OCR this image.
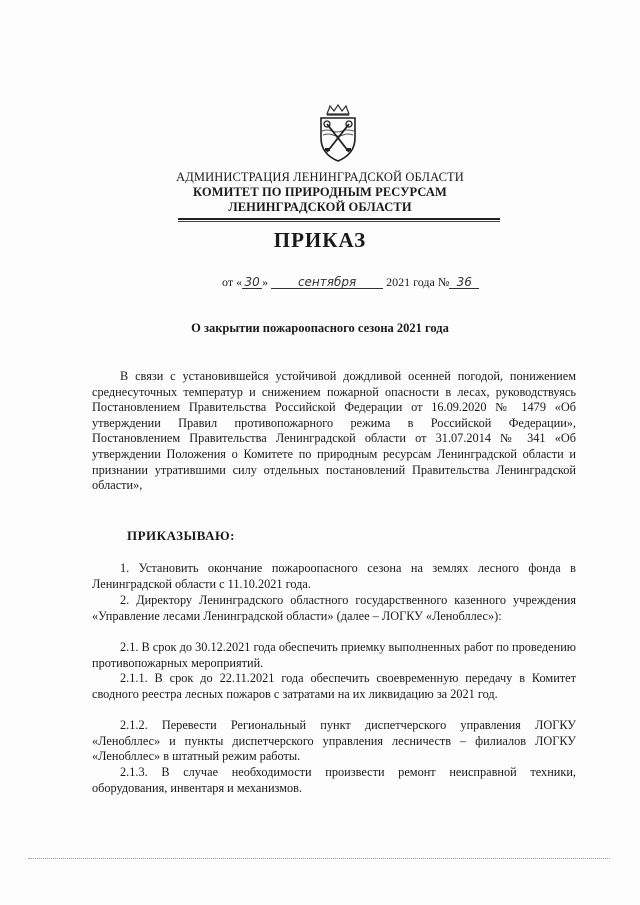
АДМИНИСТРАЦИЯ ЛЕНИНГРАДСКОЙ ОБЛАСТИ
КОМИТЕТ ПО ПРИРОДНЫМ РЕСУРСАМ
ЛЕНИНГРАДСКОЙ ОБЛАСТИ
ПРИКАЗ
от « 30 » сентября 2021 года № 36
О закрытии пожароопасного сезона 2021 года

В связи с установившейся устойчивой дождливой осенней погодой, понижением среднесуточных температур и снижением пожарной опасности в лесах, руководствуясь Постановлением Правительства Российской Федерации от 16.09.2020 № 1479 «Об утверждении Правил противопожарного режима в Российской Федерации», Постановлением Правительства Ленинградской области от 31.07.2014 № 341 «Об утверждении Положения о Комитете по природным ресурсам Ленинградской области и признании утратившими силу отдельных постановлений Правительства Ленинградской области»,

ПРИКАЗЫВАЮ:

1. Установить окончание пожароопасного сезона на землях лесного фонда в Ленинградской области с 11.10.2021 года.

2. Директору Ленинградского областного государственного казенного учреждения «Управление лесами Ленинградской области» (далее – ЛОГКУ «Ленобллес»):

2.1. В срок до 30.12.2021 года обеспечить приемку выполненных работ по проведению противопожарных мероприятий.

2.1.1. В срок до 22.11.2021 года обеспечить своевременную передачу в Комитет сводного реестра лесных пожаров с затратами на их ликвидацию за 2021 год.

2.1.2. Перевести Региональный пункт диспетчерского управления ЛОГКУ «Ленобллес» и пункты диспетчерского управления лесничеств – филиалов ЛОГКУ «Ленобллес» в штатный режим работы.

2.1.3. В случае необходимости произвести ремонт неисправной техники, оборудования, инвентаря и механизмов.
